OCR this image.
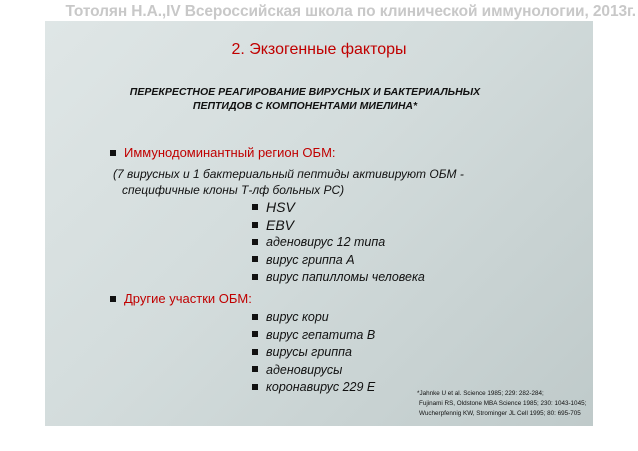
Тотолян Н.А.,IV Всероссийская школа по клинической иммунологии, 2013г.
2. Экзогенные факторы
ПЕРЕКРЕСТНОЕ РЕАГИРОВАНИЕ ВИРУСНЫХ И БАКТЕРИАЛЬНЫХ
ПЕПТИДОВ С КОМПОНЕНТАМИ МИЕЛИНА*
Иммунодоминантный регион ОБМ:
(7 вирусных и 1 бактериальный пептиды активируют ОБМ -
специфичные клоны Т-лф больных РС)
HSV
EBV
аденовирус 12 типа
вирус гриппа А
вирус папилломы человека
Другие участки ОБМ:
вирус кори
вирус гепатита В
вирусы гриппа
аденовирусы
коронавирус 229 Е	*Jahnke U et al. Science 1985; 229: 282-284;
Fujinami RS, Oldstone MBA Science 1985; 230: 1043-1045;
Wucherpfennig KW, Strominger JL Cell 1995; 80: 695-705
